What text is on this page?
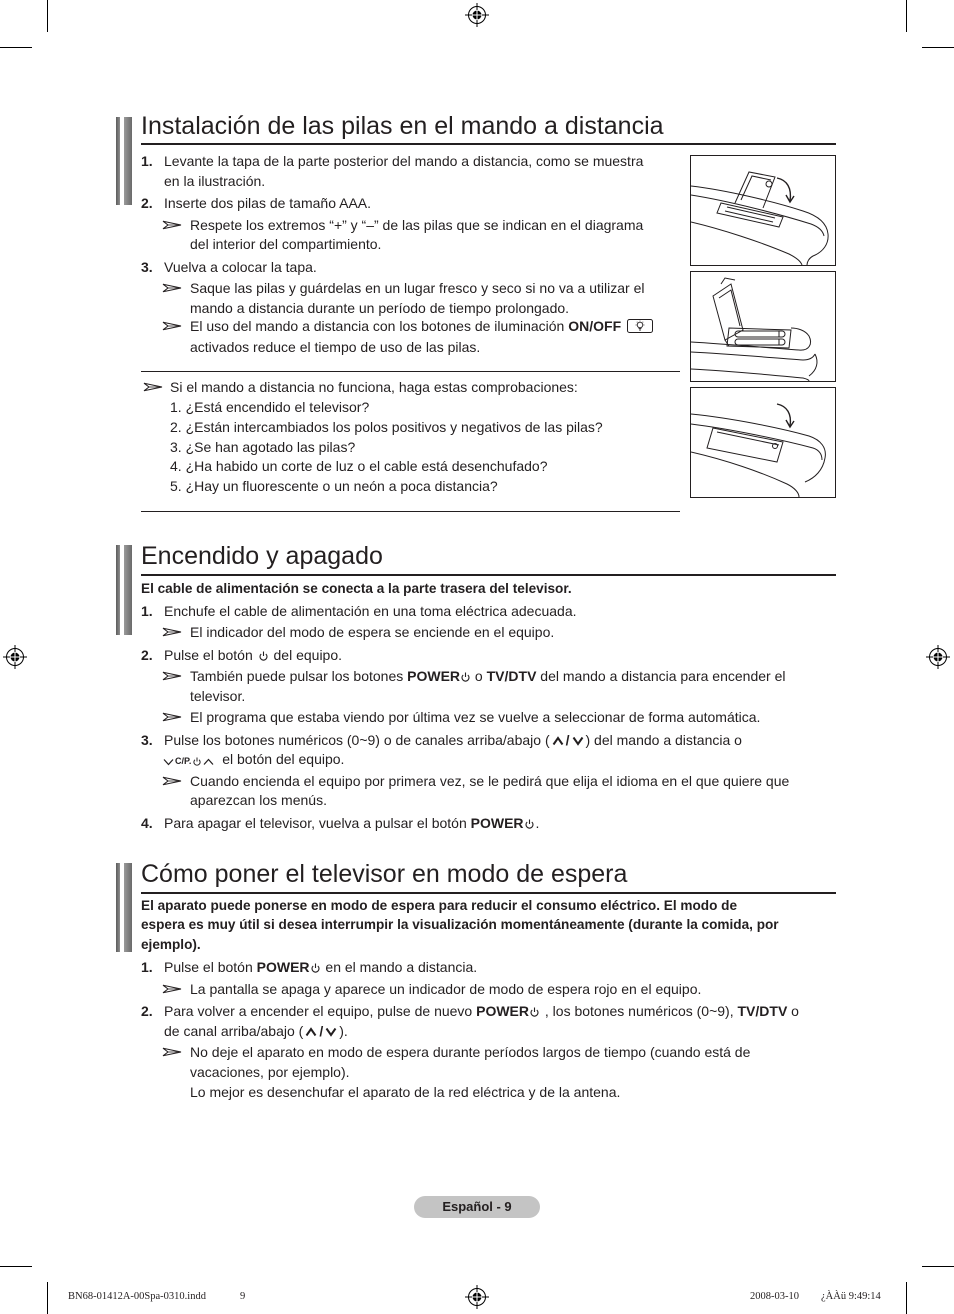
Instalación de las pilas en el mando a distancia
1. Levante la tapa de la parte posterior del mando a distancia, como se muestra
en la ilustración.
2. Inserte dos pilas de tamaño AAA.
Respete los extremos “+” y “–” de las pilas que se indican en el diagrama
del interior del compartimiento.
3. Vuelva a colocar la tapa.
Saque las pilas y guárdelas en un lugar fresco y seco si no va a utilizar el
mando a distancia durante un período de tiempo prolongado.
El uso del mando a distancia con los botones de iluminación ON/OFF
activados reduce el tiempo de uso de las pilas.
Si el mando a distancia no funciona, haga estas comprobaciones:
1. ¿Está encendido el televisor?
2. ¿Están intercambiados los polos positivos y negativos de las pilas?
3. ¿Se han agotado las pilas?
4. ¿Ha habido un corte de luz o el cable está desenchufado?
5. ¿Hay un fluorescente o un neón a poca distancia?
Encendido y apagado
El cable de alimentación se conecta a la parte trasera del televisor.
1. Enchufe el cable de alimentación en una toma eléctrica adecuada.
El indicador del modo de espera se enciende en el equipo.
2. Pulse el botón  del equipo.
También puede pulsar los botones POWER o TV/DTV del mando a distancia para encender el
televisor.
El programa que estaba viendo por última vez se vuelve a seleccionar de forma automática.
3. Pulse los botones numéricos (0~9) o de canales arriba/abajo ( / ) del mando a distancia o
C/P. el botón del equipo.
Cuando encienda el equipo por primera vez, se le pedirá que elija el idioma en el que quiere que
aparezcan los menús.
4. Para apagar el televisor, vuelva a pulsar el botón POWER .
Cómo poner el televisor en modo de espera
El aparato puede ponerse en modo de espera para reducir el consumo eléctrico. El modo de
espera es muy útil si desea interrumpir la visualización momentáneamente (durante la comida, por
ejemplo).
1. Pulse el botón POWER en el mando a distancia.
La pantalla se apaga y aparece un indicador de modo de espera rojo en el equipo.
2. Para volver a encender el equipo, pulse de nuevo POWER , los botones numéricos (0~9), TV/DTV o
de canal arriba/abajo ( / ).
No deje el aparato en modo de espera durante períodos largos de tiempo (cuando está de
vacaciones, por ejemplo).
Lo mejor es desenchufar el aparato de la red eléctrica y de la antena.
Español - 9
BN68-01412A-00Spa-0310.indd	9	2008-03-10 ¿ÀÀü 9:49:14
